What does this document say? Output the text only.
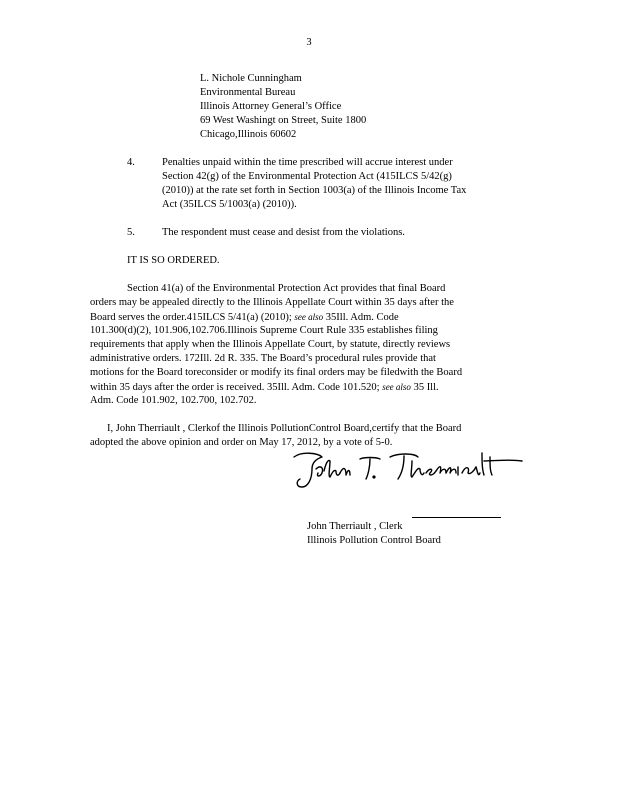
3
L. Nichole Cunningham
Environmental Bureau
Illinois Attorney General’s Office
69 West Washingt on Street, Suite 1800
Chicago,Illinois 60602
4.	Penalties unpaid within the time prescribed will accrue interest under
Section 42(g) of the Environmental Protection Act (415ILCS 5/42(g)
(2010)) at the rate set forth in Section 1003(a) of the Illinois Income Tax
Act (35ILCS 5/1003(a) (2010)).
5.	The respondent must cease and desist from the violations.
IT IS SO ORDERED.
Section 41(a) of the Environmental Protection Act provides that final Board
orders may be appealed directly to the Illinois Appellate Court within 35 days after the
Board serves the order.415ILCS 5/41(a) (2010); see also 35Ill. Adm. Code
101.300(d)(2), 101.906,102.706.Illinois Supreme Court Rule 335 establishes filing
requirements that apply when the Illinois Appellate Court, by statute, directly reviews
administrative orders. 172Ill. 2d R. 335. The Board’s procedural rules provide that
motions for the Board toreconsider or modify its final orders may be filedwith the Board
within 35 days after the order is received. 35Ill. Adm. Code 101.520; see also 35 Ill.
Adm. Code 101.902, 102.700, 102.702.
I, John Therriault , Clerkof the Illinois PollutionControl Board,certify that the Board
adopted the above opinion and order on May 17, 2012, by a vote of 5-0.
John Therriault , Clerk
Illinois Pollution Control Board
